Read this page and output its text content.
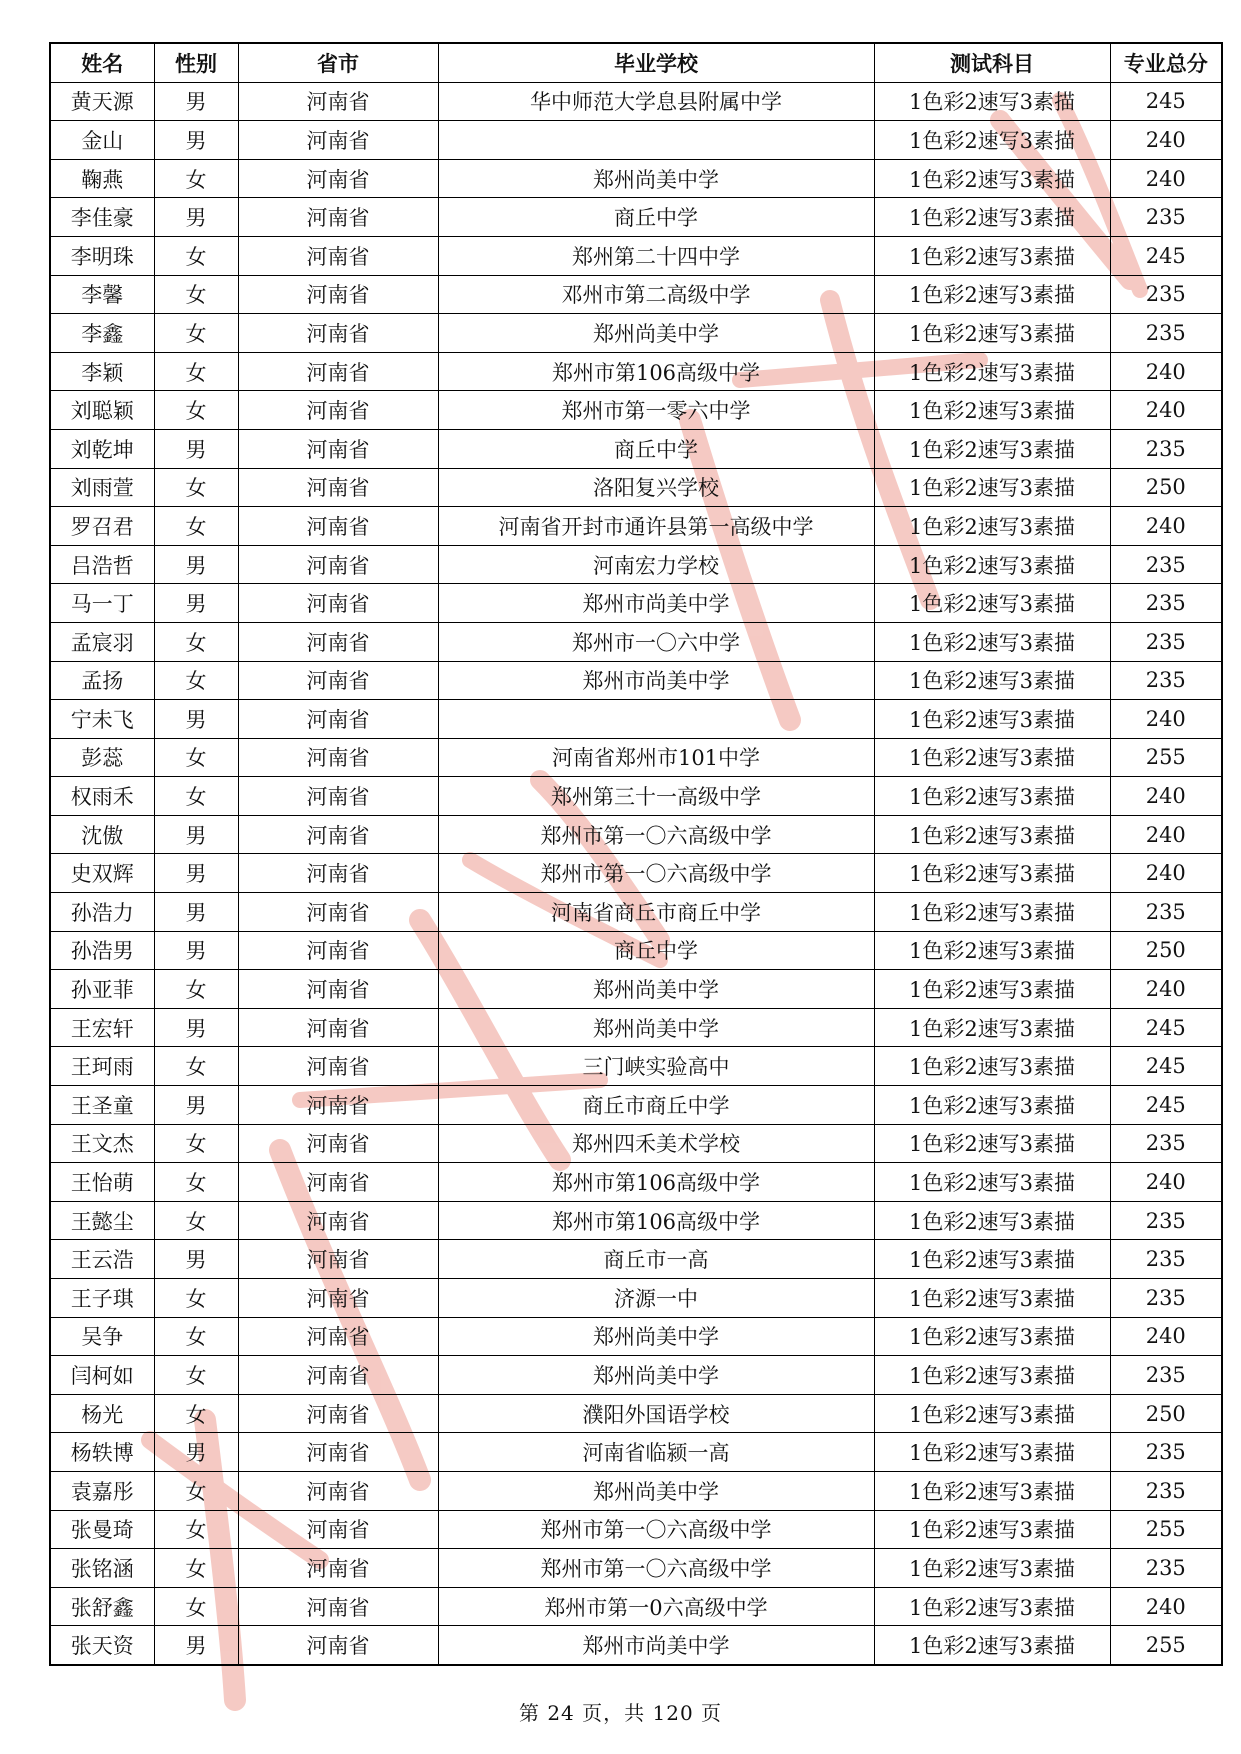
姓名	性别	省市	毕业学校	测试科目	专业总分
黄天源	男	河南省	华中师范大学息县附属中学	1色彩2速写3素描	245
金山	男	河南省		1色彩2速写3素描	240
鞠燕	女	河南省	郑州尚美中学	1色彩2速写3素描	240
李佳豪	男	河南省	商丘中学	1色彩2速写3素描	235
李明珠	女	河南省	郑州第二十四中学	1色彩2速写3素描	245
李馨	女	河南省	邓州市第二高级中学	1色彩2速写3素描	235
李鑫	女	河南省	郑州尚美中学	1色彩2速写3素描	235
李颖	女	河南省	郑州市第106高级中学	1色彩2速写3素描	240
刘聪颖	女	河南省	郑州市第一零六中学	1色彩2速写3素描	240
刘乾坤	男	河南省	商丘中学	1色彩2速写3素描	235
刘雨萱	女	河南省	洛阳复兴学校	1色彩2速写3素描	250
罗召君	女	河南省	河南省开封市通许县第一高级中学	1色彩2速写3素描	240
吕浩哲	男	河南省	河南宏力学校	1色彩2速写3素描	235
马一丁	男	河南省	郑州市尚美中学	1色彩2速写3素描	235
孟宸羽	女	河南省	郑州市一〇六中学	1色彩2速写3素描	235
孟扬	女	河南省	郑州市尚美中学	1色彩2速写3素描	235
宁未飞	男	河南省		1色彩2速写3素描	240
彭蕊	女	河南省	河南省郑州市101中学	1色彩2速写3素描	255
权雨禾	女	河南省	郑州第三十一高级中学	1色彩2速写3素描	240
沈傲	男	河南省	郑州市第一〇六高级中学	1色彩2速写3素描	240
史双辉	男	河南省	郑州市第一〇六高级中学	1色彩2速写3素描	240
孙浩力	男	河南省	河南省商丘市商丘中学	1色彩2速写3素描	235
孙浩男	男	河南省	商丘中学	1色彩2速写3素描	250
孙亚菲	女	河南省	郑州尚美中学	1色彩2速写3素描	240
王宏轩	男	河南省	郑州尚美中学	1色彩2速写3素描	245
王珂雨	女	河南省	三门峡实验高中	1色彩2速写3素描	245
王圣童	男	河南省	商丘市商丘中学	1色彩2速写3素描	245
王文杰	女	河南省	郑州四禾美术学校	1色彩2速写3素描	235
王怡萌	女	河南省	郑州市第106高级中学	1色彩2速写3素描	240
王懿尘	女	河南省	郑州市第106高级中学	1色彩2速写3素描	235
王云浩	男	河南省	商丘市一高	1色彩2速写3素描	235
王子琪	女	河南省	济源一中	1色彩2速写3素描	235
吴争	女	河南省	郑州尚美中学	1色彩2速写3素描	240
闫柯如	女	河南省	郑州尚美中学	1色彩2速写3素描	235
杨光	女	河南省	濮阳外国语学校	1色彩2速写3素描	250
杨轶博	男	河南省	河南省临颍一高	1色彩2速写3素描	235
袁嘉彤	女	河南省	郑州尚美中学	1色彩2速写3素描	235
张曼琦	女	河南省	郑州市第一〇六高级中学	1色彩2速写3素描	255
张铭涵	女	河南省	郑州市第一〇六高级中学	1色彩2速写3素描	235
张舒鑫	女	河南省	郑州市第一0六高级中学	1色彩2速写3素描	240
张天资	男	河南省	郑州市尚美中学	1色彩2速写3素描	255
第 24 页，共 120 页
